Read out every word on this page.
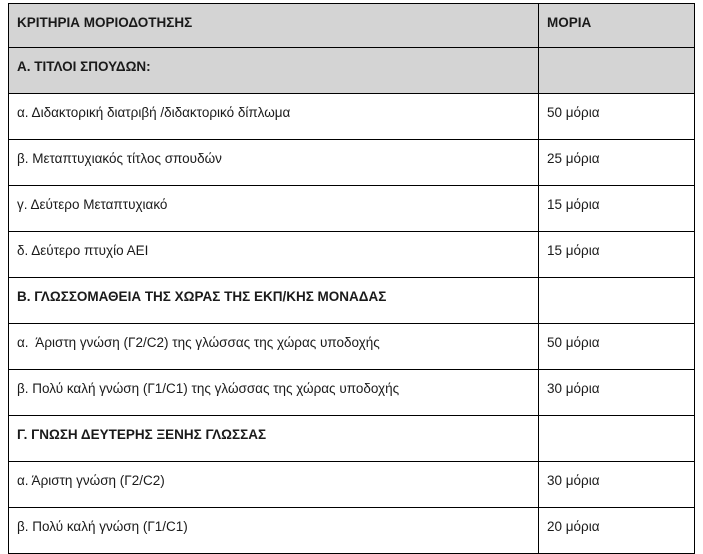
ΚΡΙΤΗΡΙΑ ΜΟΡΙΟΔΟΤΗΣΗΣ	ΜΟΡΙΑ

Α. ΤΙΤΛΟΙ ΣΠΟΥΔΩΝ:	

α. Διδακτορική διατριβή /διδακτορικό δίπλωμα	50 μόρια

β. Μεταπτυχιακός τίτλος σπουδών	25 μόρια

γ. Δεύτερο Μεταπτυχιακό	15 μόρια

δ. Δεύτερο πτυχίο ΑΕΙ	15 μόρια

Β. ΓΛΩΣΣΟΜΑΘΕΙΑ ΤΗΣ ΧΩΡΑΣ ΤΗΣ ΕΚΠ/ΚΗΣ ΜΟΝΑΔΑΣ	

α.  Άριστη γνώση (Γ2/C2) της γλώσσας της χώρας υποδοχής	50 μόρια

β. Πολύ καλή γνώση (Γ1/C1) της γλώσσας της χώρας υποδοχής	30 μόρια

Γ. ΓΝΩΣΗ ΔΕΥΤΕΡΗΣ ΞΕΝΗΣ ΓΛΩΣΣΑΣ	

α. Άριστη γνώση (Γ2/C2)	30 μόρια

β. Πολύ καλή γνώση (Γ1/C1)	20 μόρια
